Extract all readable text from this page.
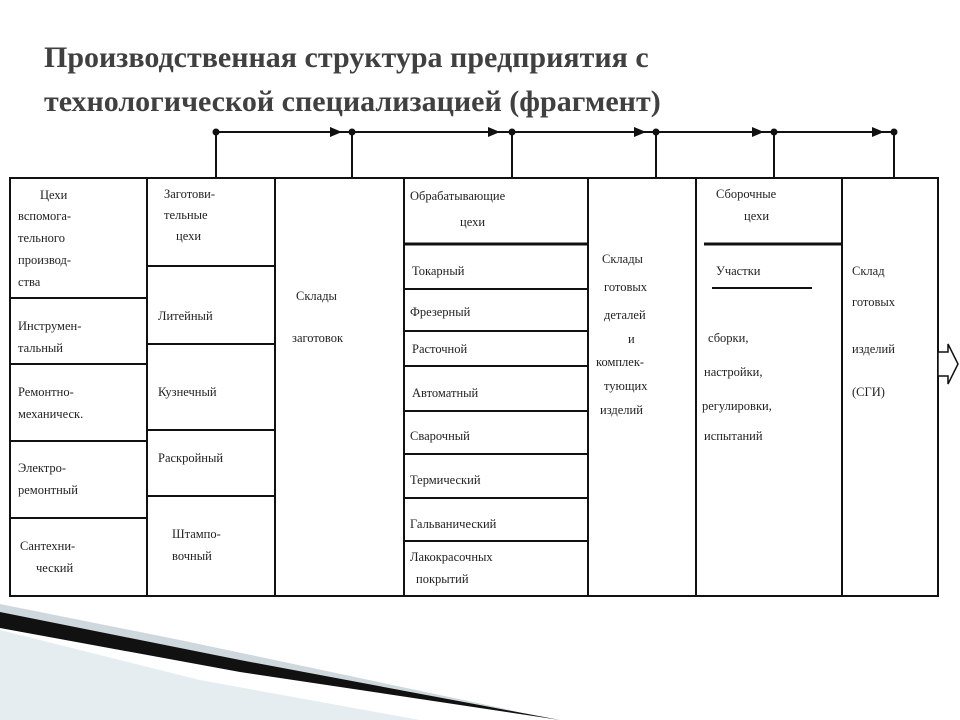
Производственная структура предприятия с
технологической специализацией (фрагмент)
Цехи вспомога- тельного производ- ства
Инструмен- тальный
Ремонтно- механическ.
Электро- ремонтный
Сантехни- ческий
Заготови- тельные цехи
Литейный
Кузнечный
Раскройный
Штампо- вочный
Склады заготовок
Обрабатывающие цехи
Токарный
Фрезерный
Расточной
Автоматный
Сварочный
Термический
Гальванический
Лакокрасочных покрытий
Склады готовых деталей и комплек- тующих изделий
Сборочные цехи
Участки
сборки, настройки, регулировки, испытаний
Склад готовых изделий (СГИ)
